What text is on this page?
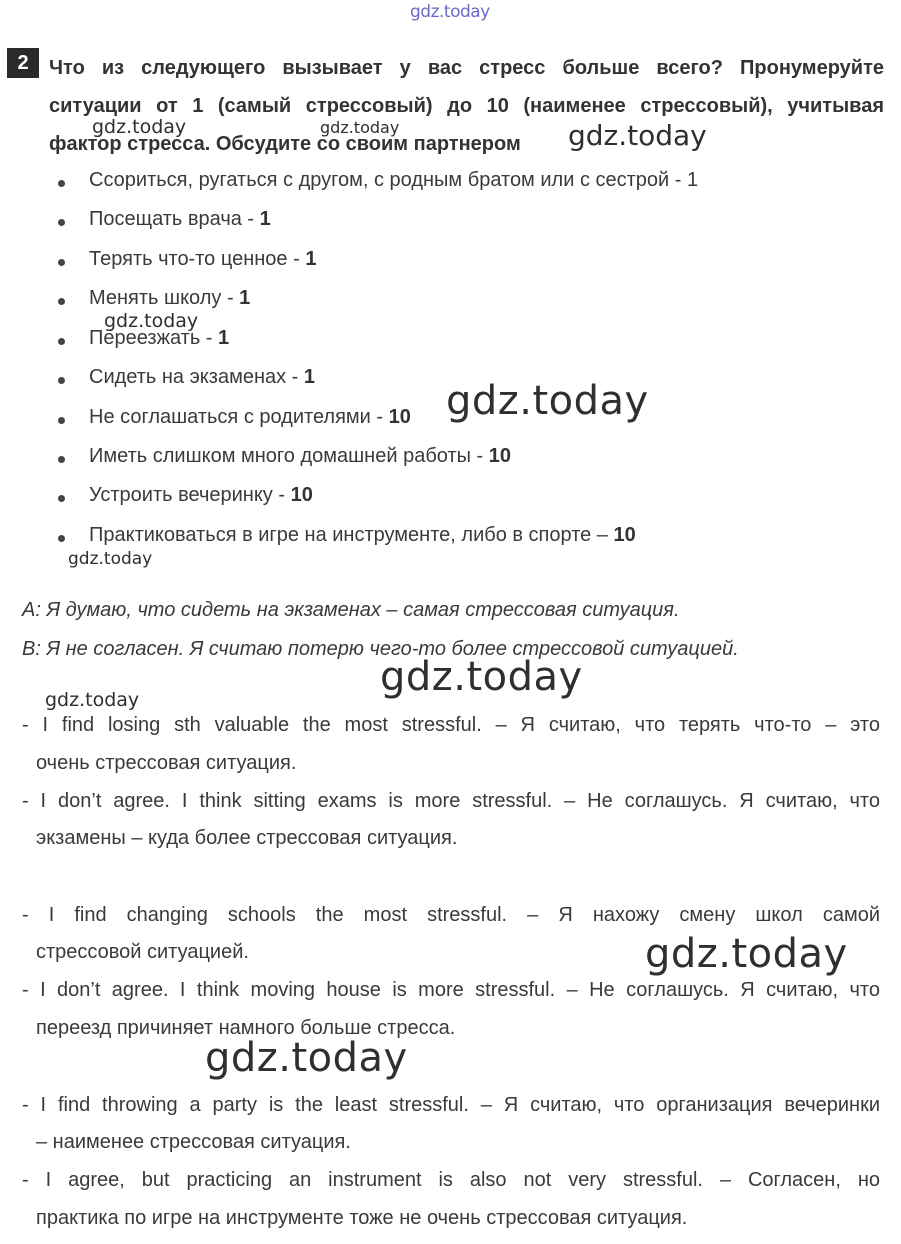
gdz.today
gdz.today	gdz.today	gdz.today
gdz.today
gdz.today
gdz.today
gdz.today
gdz.today
gdz.today
gdz.today
2	Что из следующего вызывает у вас стресс больше всего? Пронумеруйте
ситуации от 1 (самый стрессовый) до 10 (наименее стрессовый), учитывая
фактор стресса. Обсудите со своим партнером
Ссориться, ругаться с другом, с родным братом или с сестрой - 1
Посещать врача - 1
Терять что-то ценное - 1
Менять школу - 1
Переезжать - 1
Сидеть на экзаменах - 1
Не соглашаться с родителями - 10
Иметь слишком много домашней работы - 10
Устроить вечеринку - 10
Практиковаться в игре на инструменте, либо в спорте – 10
А: Я думаю, что сидеть на экзаменах – самая стрессовая ситуация.
В: Я не согласен. Я считаю потерю чего-то более стрессовой ситуацией.
- I find losing sth valuable the most stressful. – Я считаю, что терять что-то – это
очень стрессовая ситуация.
- I don’t agree. I think sitting exams is more stressful. – Не соглашусь. Я считаю, что
экзамены – куда более стрессовая ситуация.
- I find changing schools the most stressful. – Я нахожу смену школ самой
стрессовой ситуацией.
- I don’t agree. I think moving house is more stressful. – Не соглашусь. Я считаю, что
переезд причиняет намного больше стресса.
- I find throwing a party is the least stressful. – Я считаю, что организация вечеринки
– наименее стрессовая ситуация.
- I agree, but practicing an instrument is also not very stressful. – Согласен, но
практика по игре на инструменте тоже не очень стрессовая ситуация.
